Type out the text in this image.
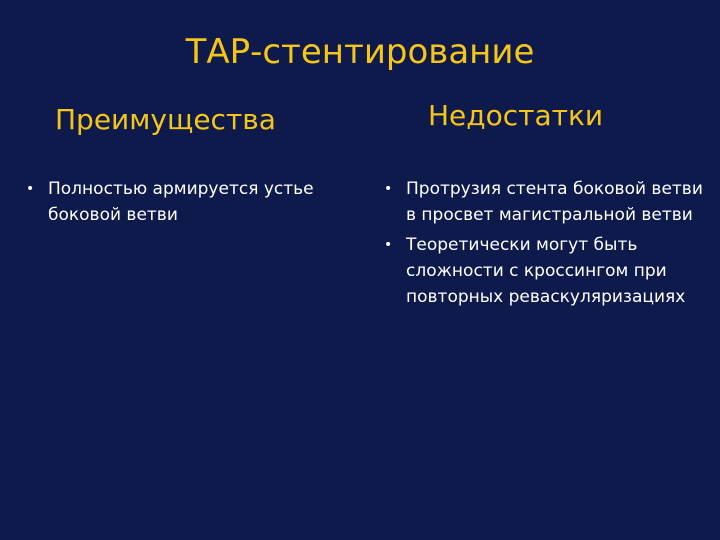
ТАР-стентирование
Преимущества	Недостатки
• Полностью армируется устье боковой ветви
• Протрузия стента боковой ветви в просвет магистральной ветви
• Теоретически могут быть сложности с кроссингом при повторных реваскуляризациях
